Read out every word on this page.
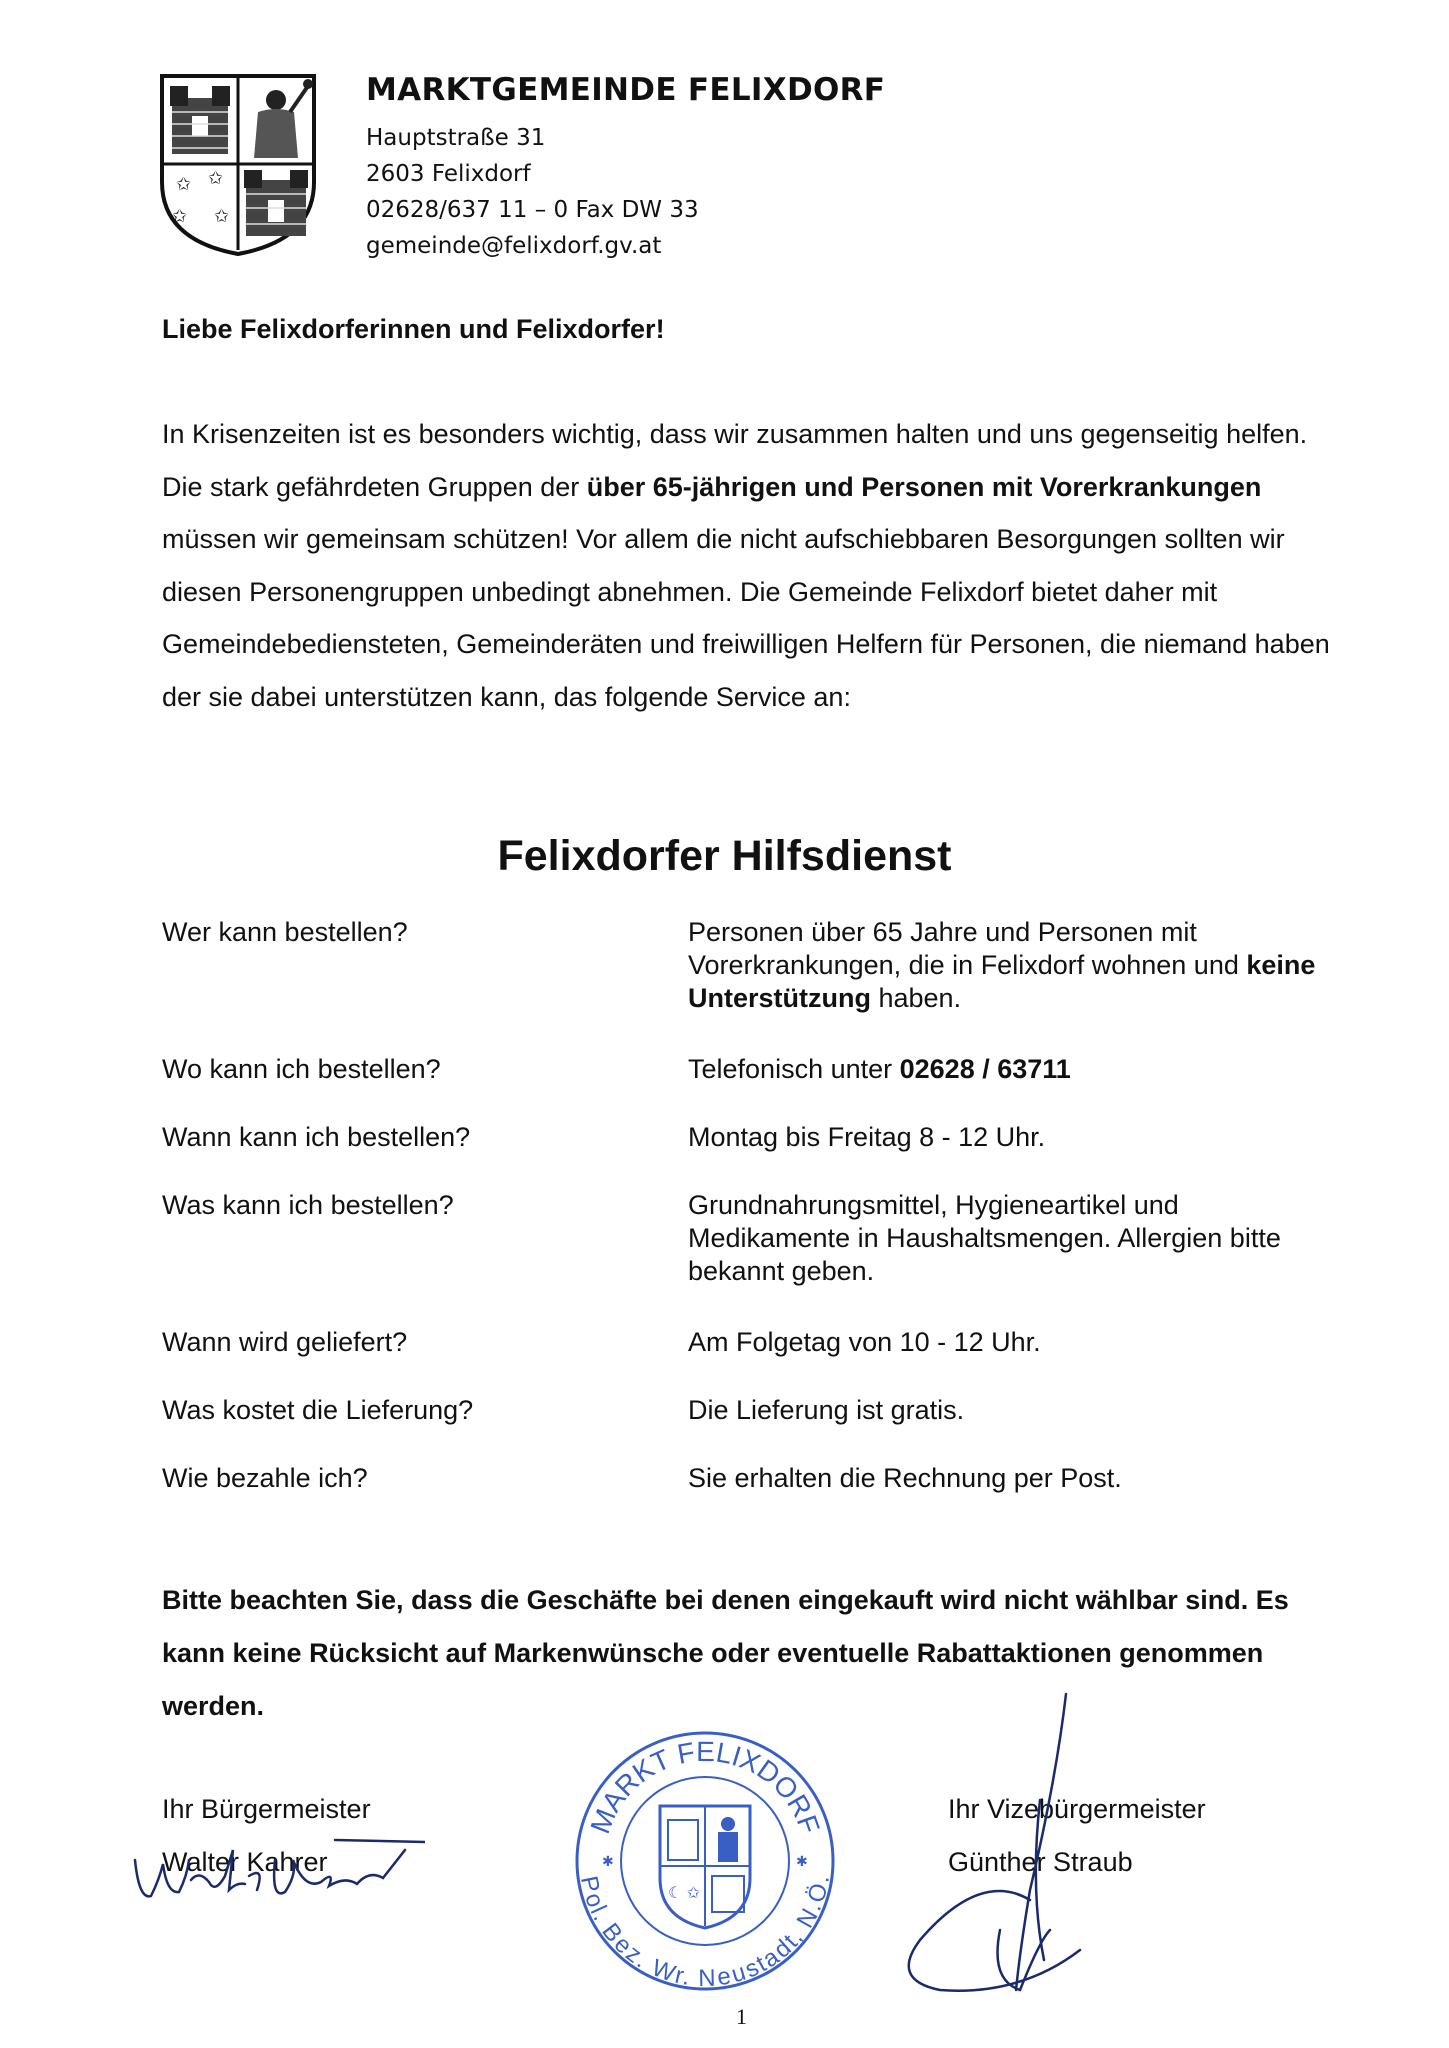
✩ ✩
✩ ✩
MARKTGEMEINDE FELIXDORF
Hauptstraße 31
2603 Felixdorf
02628/637 11 – 0 Fax DW 33
gemeinde@felixdorf.gv.at
Liebe Felixdorferinnen und Felixdorfer!
In Krisenzeiten ist es besonders wichtig, dass wir zusammen halten und uns gegenseitig helfen. Die stark gefährdeten Gruppen der über 65-jährigen und Personen mit Vorerkrankungen müssen wir gemeinsam schützen! Vor allem die nicht aufschiebbaren Besorgungen sollten wir diesen Personengruppen unbedingt abnehmen. Die Gemeinde Felixdorf bietet daher mit Gemeindebediensteten, Gemeinderäten und freiwilligen Helfern für Personen, die niemand haben der sie dabei unterstützen kann, das folgende Service an:
Felixdorfer Hilfsdienst
Wer kann bestellen?	Personen über 65 Jahre und Personen mit Vorerkrankungen, die in Felixdorf wohnen und keine Unterstützung haben.
Wo kann ich bestellen?	Telefonisch unter 02628 / 63711
Wann kann ich bestellen?	Montag bis Freitag 8 - 12 Uhr.
Was kann ich bestellen?	Grundnahrungsmittel, Hygieneartikel und Medikamente in Haushaltsmengen. Allergien bitte bekannt geben.
Wann wird geliefert?	Am Folgetag von 10 - 12 Uhr.
Was kostet die Lieferung?	Die Lieferung ist gratis.
Wie bezahle ich?	Sie erhalten die Rechnung per Post.
Bitte beachten Sie, dass die Geschäfte bei denen eingekauft wird nicht wählbar sind. Es kann keine Rücksicht auf Markenwünsche oder eventuelle Rabattaktionen genommen werden.
Ihr Bürgermeister
Walter Kahrer
Ihr Vizebürgermeister
Günther Straub
MARKT FELIXDORF
Pol. Bez. Wr. Neustadt, N.Ö.
✱	✱
☾ ✩
1
